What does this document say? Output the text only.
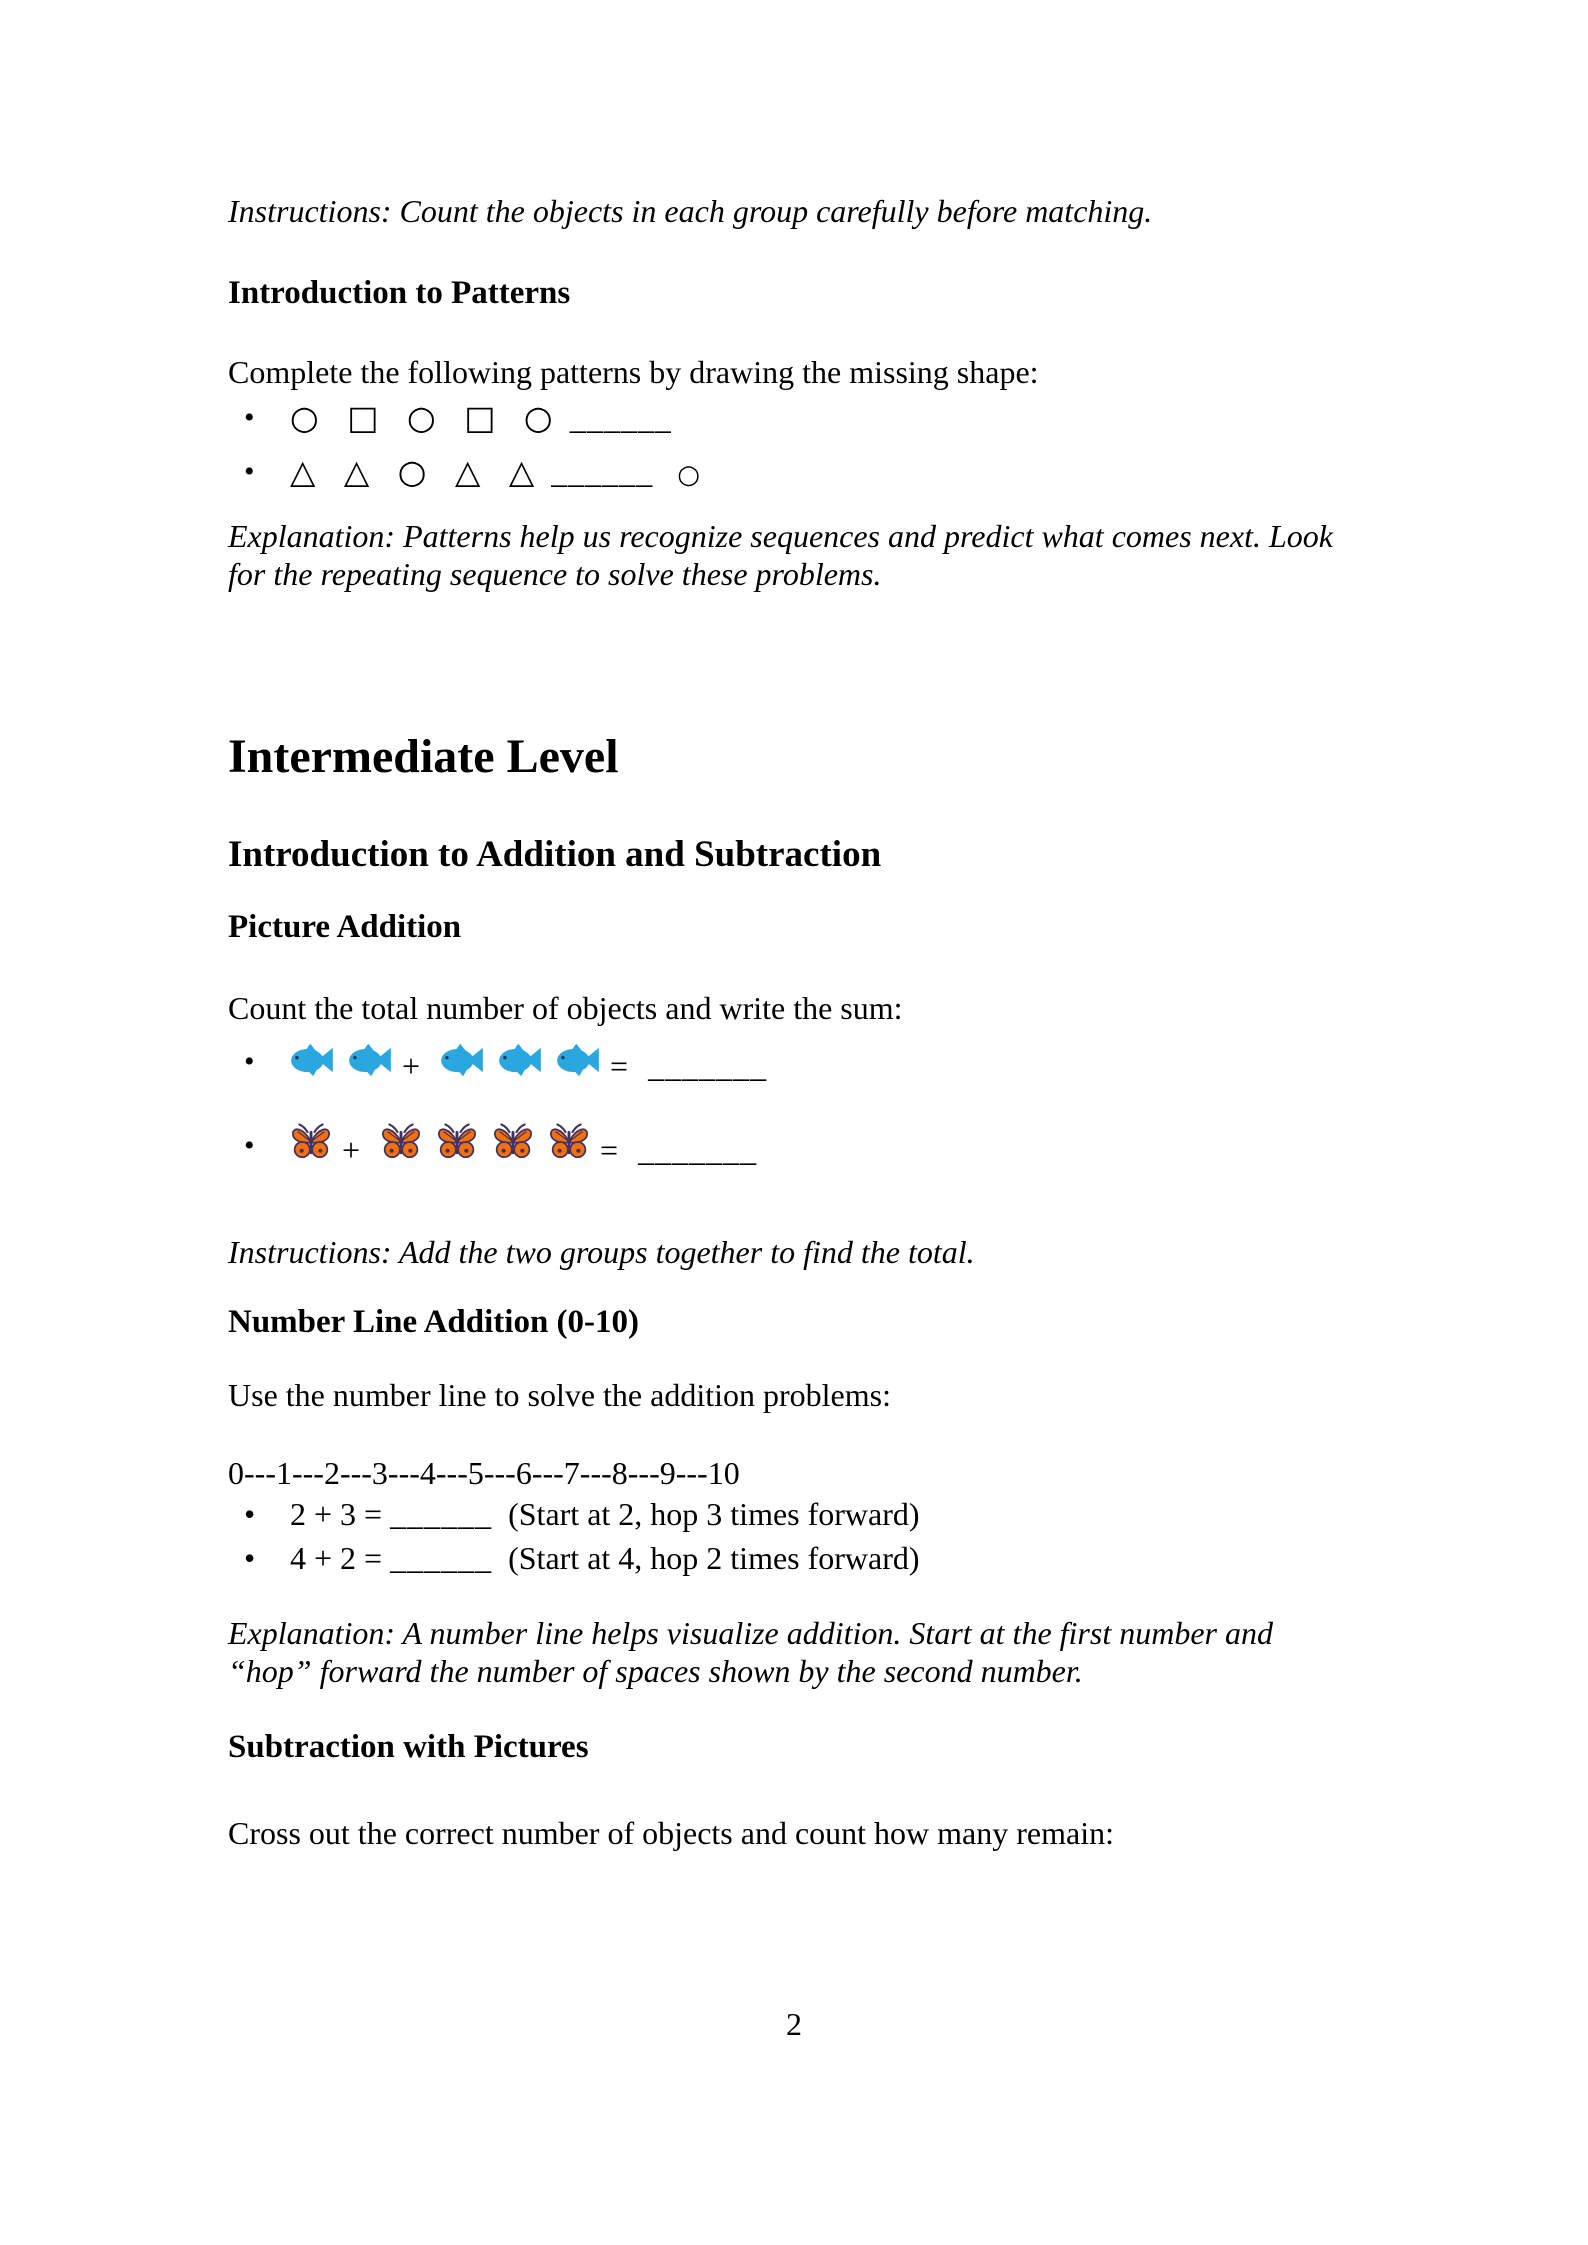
Instructions: Count the objects in each group carefully before matching.

Introduction to Patterns

Complete the following patterns by drawing the missing shape:

• ○ □ ○ □ ○ ______
• △ △ ○ △ △ ______ ○

Explanation: Patterns help us recognize sequences and predict what comes next. Look for the repeating sequence to solve these problems.

Intermediate Level
Introduction to Addition and Subtraction
Picture Addition

Count the total number of objects and write the sum:

• +	= _______
• +	= _______

Instructions: Add the two groups together to find the total.

Number Line Addition (0-10)

Use the number line to solve the addition problems:

0---1---2---3---4---5---6---7---8---9---10

• 2 + 3 = ______ (Start at 2, hop 3 times forward)
• 4 + 2 = ______ (Start at 4, hop 2 times forward)

Explanation: A number line helps visualize addition. Start at the first number and “hop” forward the number of spaces shown by the second number.

Subtraction with Pictures

Cross out the correct number of objects and count how many remain:

2
